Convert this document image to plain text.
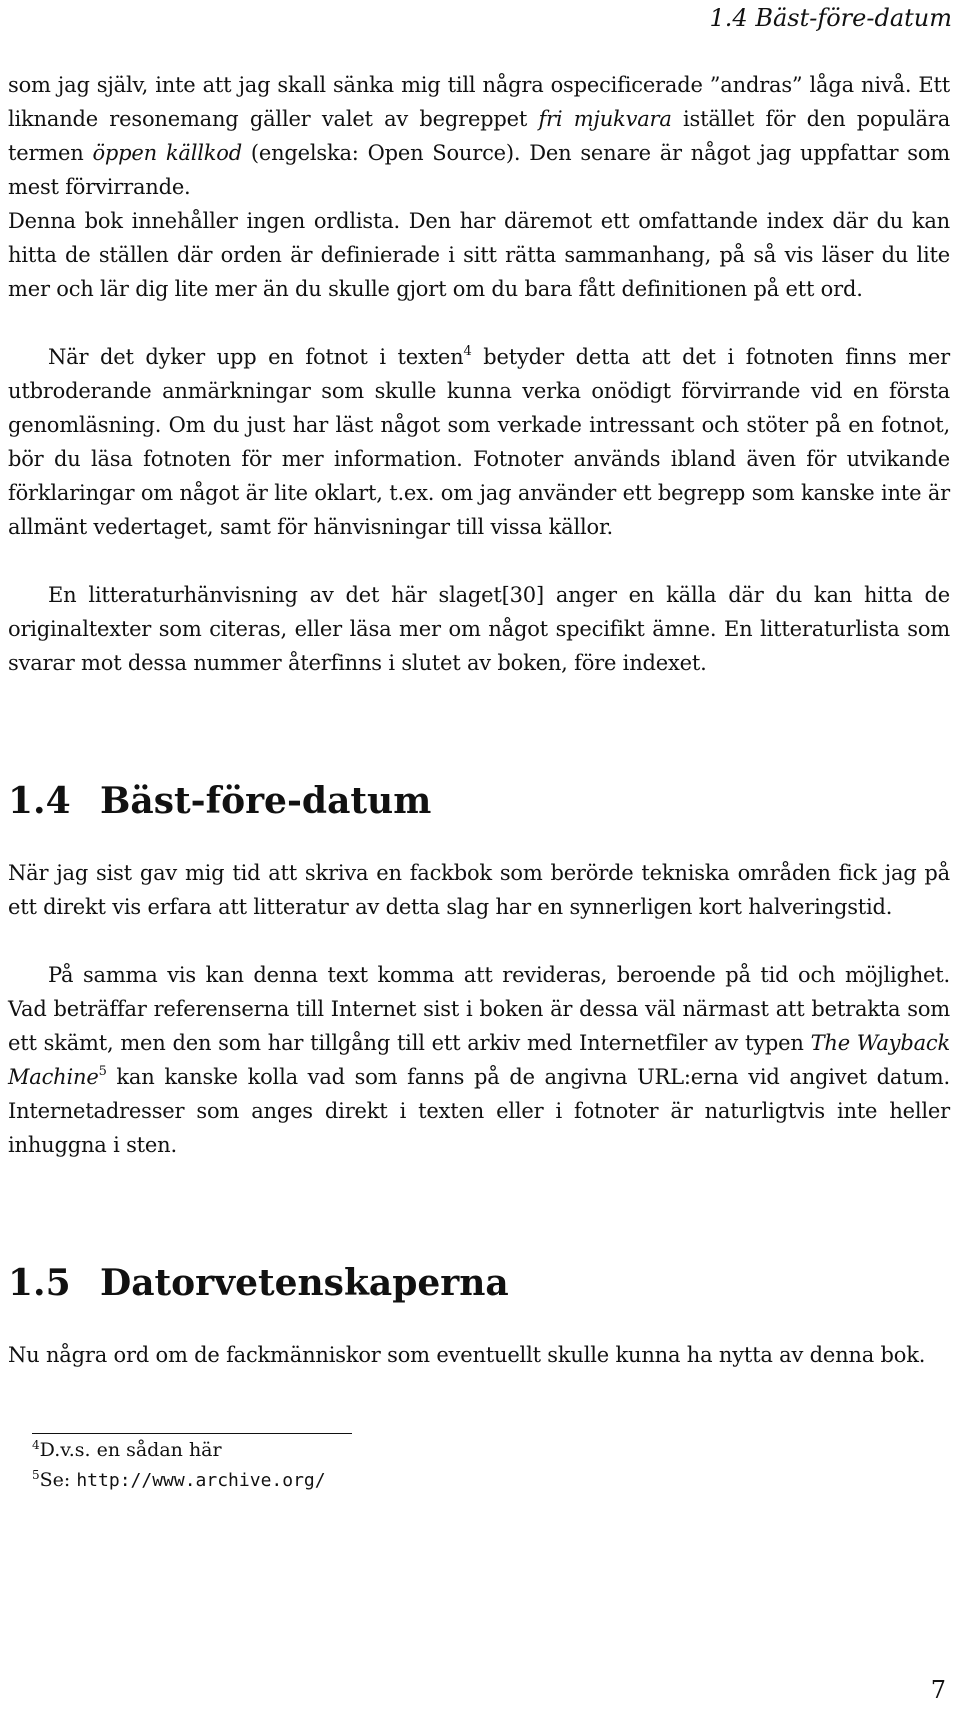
1.4 Bäst-före-datum

som jag själv, inte att jag skall sänka mig till några ospecificerade ”andras” låga nivå. Ett liknande resonemang gäller valet av begreppet fri mjukvara istället för den populära termen öppen källkod (engelska: Open Source). Den senare är något jag uppfattar som mest förvirrande.

Denna bok innehåller ingen ordlista. Den har däremot ett omfattande index där du kan hitta de ställen där orden är definierade i sitt rätta sammanhang, på så vis läser du lite mer och lär dig lite mer än du skulle gjort om du bara fått definitionen på ett ord.

När det dyker upp en fotnot i texten$^4$ betyder detta att det i fotnoten finns mer utbroderande anmärkningar som skulle kunna verka onödigt förvirrande vid en första genomläsning. Om du just har läst något som verkade intressant och stöter på en fotnot, bör du läsa fotnoten för mer information. Fotnoter används ibland även för utvikande förklaringar om något är lite oklart, t.ex. om jag använder ett begrepp som kanske inte är allmänt vedertaget, samt för hänvisningar till vissa källor.

En litteraturhänvisning av det här slaget[30] anger en källa där du kan hitta de originaltexter som citeras, eller läsa mer om något specifikt ämne. En litteraturlista som svarar mot dessa nummer återfinns i slutet av boken, före indexet.

1.4 Bäst-före-datum

När jag sist gav mig tid att skriva en fackbok som berörde tekniska områden fick jag på ett direkt vis erfara att litteratur av detta slag har en synnerligen kort halveringstid.

På samma vis kan denna text komma att revideras, beroende på tid och möjlighet. Vad beträffar referenserna till Internet sist i boken är dessa väl närmast att betrakta som ett skämt, men den som har tillgång till ett arkiv med Internetfiler av typen The Wayback Machine$^5$ kan kanske kolla vad som fanns på de angivna URL:erna vid angivet datum. Internetadresser som anges direkt i texten eller i fotnoter är naturligtvis inte heller inhuggna i sten.

1.5 Datorvetenskaperna

Nu några ord om de fackmänniskor som eventuellt skulle kunna ha nytta av denna bok.

$^4$D.v.s. en sådan här
$^5$Se: http://www.archive.org/
7
